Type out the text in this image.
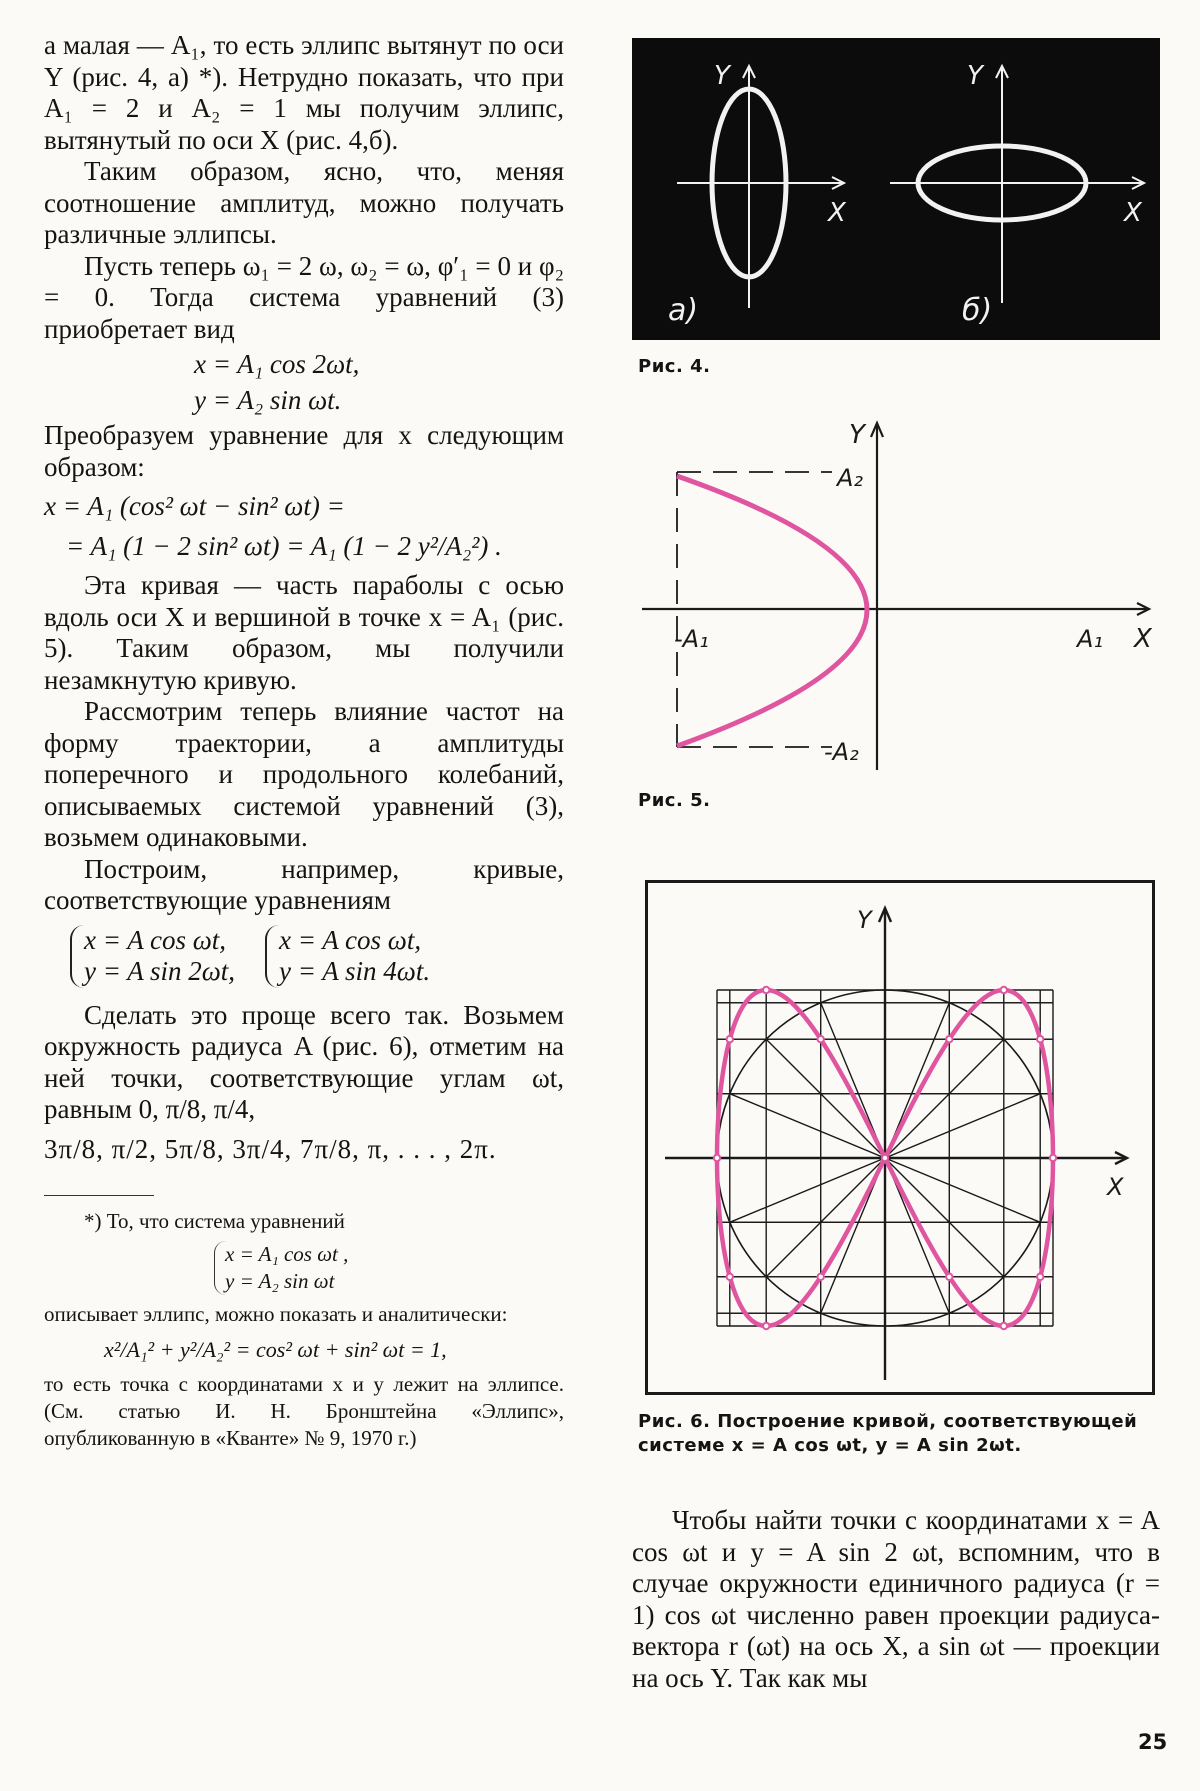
а малая — A₁, то есть эллипс вытянут по оси Y (рис. 4, а) *). Нетрудно показать, что при A₁ = 2 и A₂ = 1 мы получим эллипс, вытянутый по оси X (рис. 4,б).

Таким образом, ясно, что, меняя соотношение амплитуд, можно получать различные эллипсы.

Пусть теперь ω₁ = 2 ω, ω₂ = ω, φ′₁ = 0 и φ₂ = 0. Тогда система уравнений (3) приобретает вид

x = A₁ cos 2ωt,
y = A₂ sin ωt.

Преобразуем уравнение для x следующим образом:

x = A₁ (cos² ωt − sin² ωt) =
= A₁ (1 − 2 sin² ωt) = A₁ (1 − 2 y²/A₂²) .

Эта кривая — часть параболы с осью вдоль оси X и вершиной в точке x = A₁ (рис. 5). Таким образом, мы получили незамкнутую кривую.

Рассмотрим теперь влияние частот на форму траектории, а амплитуды поперечного и продольного колебаний, описываемых системой уравнений (3), возьмем одинаковыми.

Построим, например, кривые, соответствующие уравнениям

x = A cos ωt,
y = A sin 2ωt,
x = A cos ωt,
y = A sin 4ωt.

Сделать это проще всего так. Возьмем окружность радиуса A (рис. 6), отметим на ней точки, соответствующие углам ωt, равным 0, π/8, π/4,

3π/8, π/2, 5π/8, 3π/4, 7π/8, π, . . . , 2π.

*) То, что система уравнений

x = A₁ cos ωt ,
y = A₂ sin ωt

описывает эллипс, можно показать и аналитически:

x²/A₁² + y²/A₂² = cos² ωt + sin² ωt = 1,

то есть точка с координатами x и y лежит на эллипсе. (См. статью И. Н. Бронштейна «Эллипс», опубликованную в «Кванте» № 9, 1970 г.)

Y
X
Y
X
а)	б)
Рис. 4.
Y
X
A₂
-A₂
A₁
-A₁
Рис. 5.
Y
X
Рис. 6. Построение кривой, соответствующей системе x = A cos ωt, y = A sin 2ωt.

Чтобы найти точки с координатами x = A cos ωt и y = A sin 2 ωt, вспомним, что в случае окружности единичного радиуса (r = 1) cos ωt численно равен проекции радиуса-вектора r (ωt) на ось X, а sin ωt — проекции на ось Y. Так как мы

25
